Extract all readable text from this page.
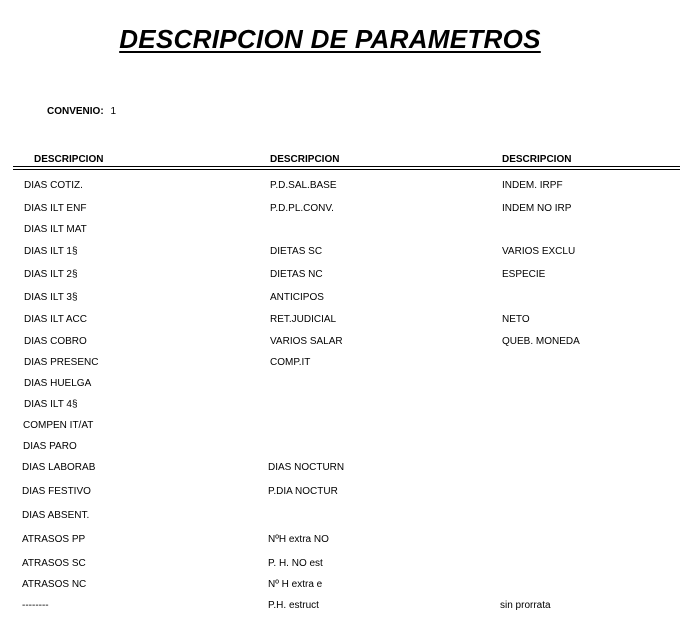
DESCRIPCION DE PARAMETROS
CONVENIO: 1
DESCRIPCION	DESCRIPCION	DESCRIPCION
DIAS COTIZ.	P.D.SAL.BASE	INDEM. IRPF
DIAS ILT ENF	P.D.PL.CONV.	INDEM NO IRP
DIAS ILT MAT
DIAS ILT 1§	DIETAS SC	VARIOS EXCLU
DIAS ILT 2§	DIETAS NC	ESPECIE
DIAS ILT 3§	ANTICIPOS
DIAS ILT ACC	RET.JUDICIAL	NETO
DIAS COBRO	VARIOS SALAR	QUEB. MONEDA
DIAS PRESENC	COMP.IT
DIAS HUELGA
DIAS ILT 4§
COMPEN IT/AT
DIAS PARO
DIAS LABORAB	DIAS NOCTURN
DIAS FESTIVO	P.DIA NOCTUR
DIAS ABSENT.
ATRASOS PP	NºH extra NO
ATRASOS SC	P. H. NO est
ATRASOS NC	Nº H extra e
--------	P.H. estruct	sin prorrata
